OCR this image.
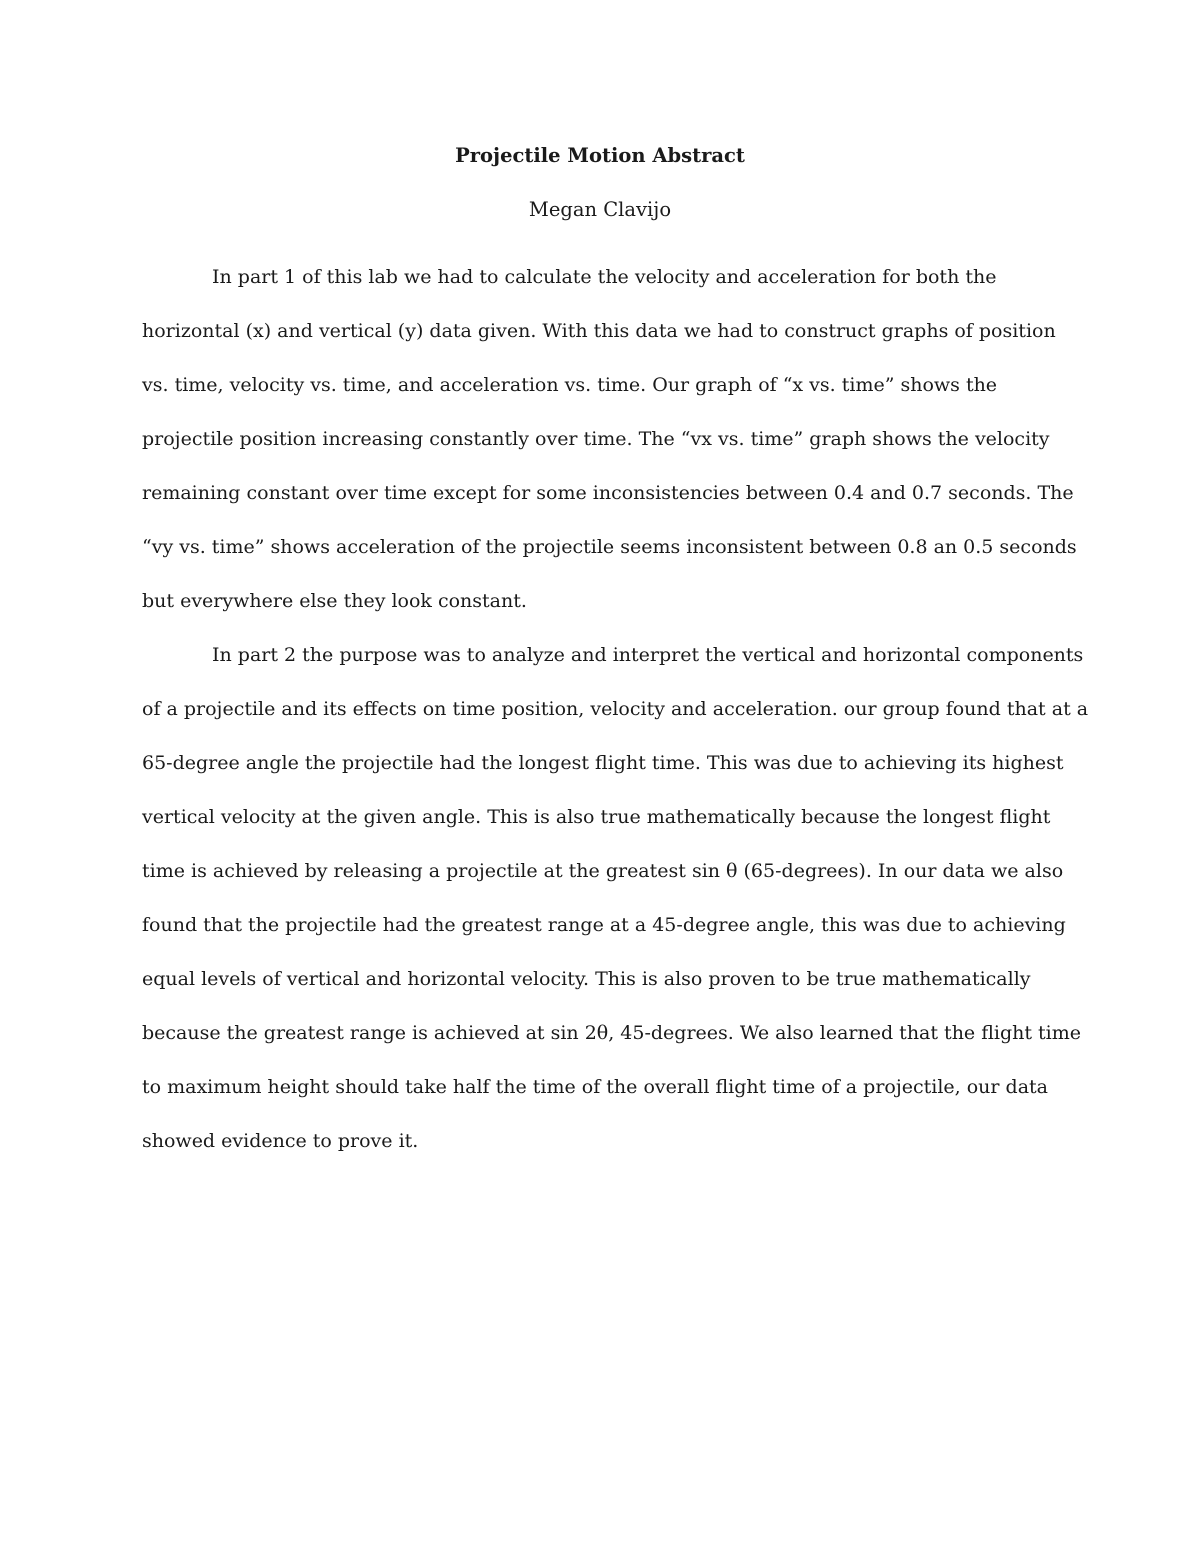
Projectile Motion Abstract

Megan Clavijo

In part 1 of this lab we had to calculate the velocity and acceleration for both the
horizontal (x) and vertical (y) data given. With this data we had to construct graphs of position
vs. time, velocity vs. time, and acceleration vs. time. Our graph of “x vs. time” shows the
projectile position increasing constantly over time. The “vx vs. time” graph shows the velocity
remaining constant over time except for some inconsistencies between 0.4 and 0.7 seconds. The
“vy vs. time” shows acceleration of the projectile seems inconsistent between 0.8 an 0.5 seconds
but everywhere else they look constant.

In part 2 the purpose was to analyze and interpret the vertical and horizontal components
of a projectile and its effects on time position, velocity and acceleration. our group found that at a
65-degree angle the projectile had the longest flight time. This was due to achieving its highest
vertical velocity at the given angle. This is also true mathematically because the longest flight
time is achieved by releasing a projectile at the greatest sin θ (65-degrees). In our data we also
found that the projectile had the greatest range at a 45-degree angle, this was due to achieving
equal levels of vertical and horizontal velocity. This is also proven to be true mathematically
because the greatest range is achieved at sin 2θ, 45-degrees. We also learned that the flight time
to maximum height should take half the time of the overall flight time of a projectile, our data
showed evidence to prove it.
